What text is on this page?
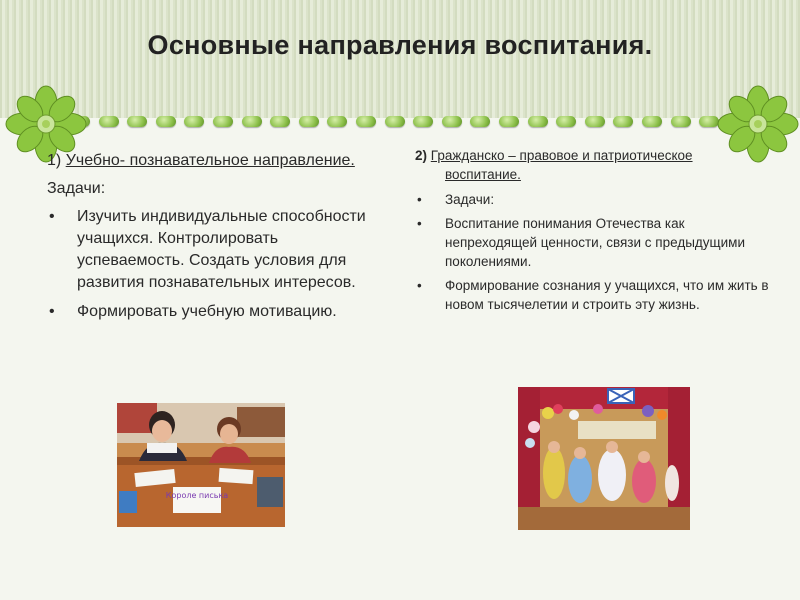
Основные направления воспитания.
1) Учебно- познавательное направление.
Задачи:
• Изучить индивидуальные способности учащихся. Контролировать успеваемость. Создать условия для развития познавательных интересов.
• Формировать учебную мотивацию.
2) Гражданско – правовое и патриотическое воспитание.
• Задачи:
• Воспитание понимания Отечества как непреходящей ценности, связи с предыдущими поколениями.
• Формирование сознания у учащихся, что им жить в новом тысячелетии и строить эту жизнь.
Короле писька
